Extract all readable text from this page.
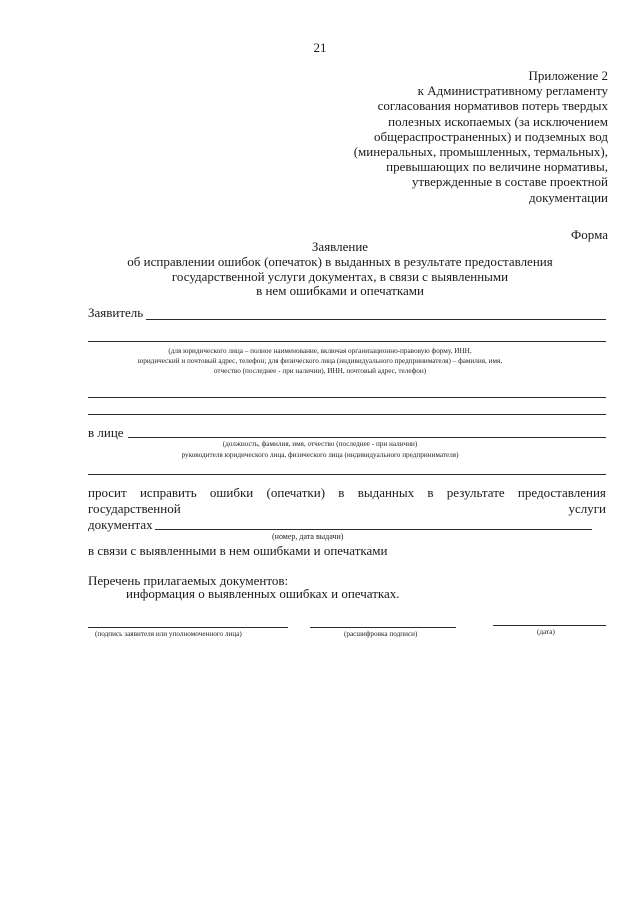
21
Приложение 2
к Административному регламенту
согласования нормативов потерь твердых
полезных ископаемых (за исключением
общераспространенных) и подземных вод
(минеральных, промышленных, термальных),
превышающих по величине нормативы,
утвержденные в составе проектной
документации
Форма
Заявление
об исправлении ошибок (опечаток) в выданных в результате предоставления
государственной услуги документах, в связи с выявленными
в нем ошибками и опечатками
Заявитель
(для юридического лица – полное наименование, включая организационно-правовую форму, ИНН,
юридический и почтовый адрес, телефон; для физического лица (индивидуального предпринимателя) – фамилия, имя,
отчество (последнее - при наличии), ИНН, почтовый адрес, телефон)
в лице
(должность, фамилия, имя, отчество (последнее - при наличии)
руководителя юридического лица, физического лица (индивидуального предпринимателя)
просит исправить ошибки (опечатки) в выданных в результате предоставления
государственной	услуги
документах
(номер, дата выдачи)
в связи с выявленными в нем ошибками и опечатками
Перечень прилагаемых документов:
информация о выявленных ошибках и опечатках.
(подпись заявителя или уполномоченного лица)	(расшифровка подписи)	(дата)
